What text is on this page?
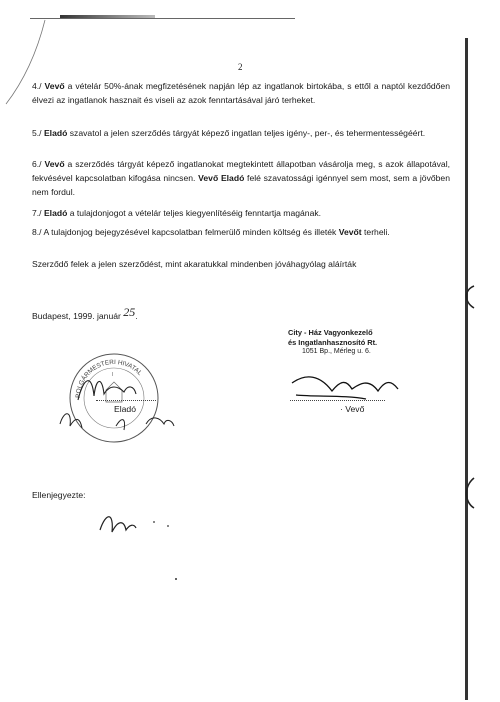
2
4./ Vevő a vételár 50%-ának megfizetésének napján lép az ingatlanok birtokába, s ettől a naptól kezdődően élvezi az ingatlanok hasznait és viseli az azok fenntartásával járó terheket.
5./ Eladó szavatol a jelen szerződés tárgyát képező ingatlan teljes igény-, per-, és tehermentességéért.
6./ Vevő a szerződés tárgyát képező ingatlanokat megtekintett állapotban vásárolja meg, s azok állapotával, fekvésével kapcsolatban kifogása nincsen. Vevő Eladó felé szavatossági igénnyel sem most, sem a jövőben nem fordul.
7./ Eladó a tulajdonjogot a vételár teljes kiegyenlítéséig fenntartja magának.
8./ A tulajdonjog bejegyzésével kapcsolatban felmerülő minden költség és illeték Vevőt terheli.
Szerződő felek a jelen szerződést, mint akaratukkal mindenben jóváhagyólag aláírták
Budapest, 1999. január 25.
City - Ház Vagyonkezelő
és Ingatlanhasznosító Rt.
1051 Bp., Mérleg u. 6.
POLGÁRMESTERI HIVATAL
I
Eladó	· Vevő
Ellenjegyezte:
